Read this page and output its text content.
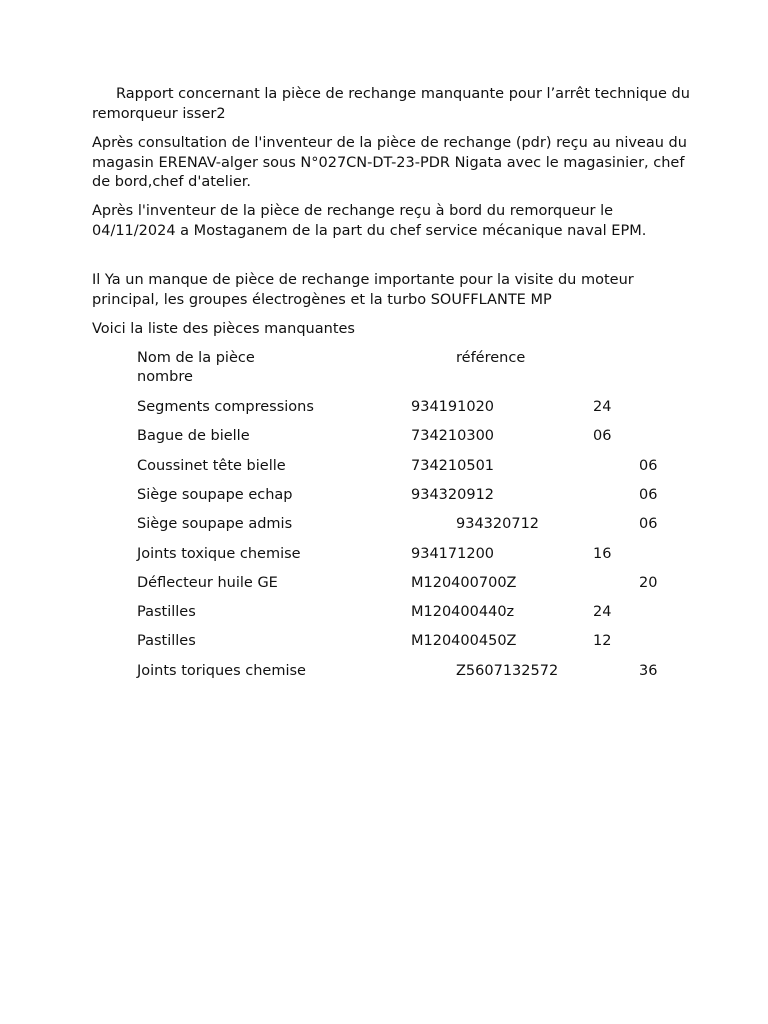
Rapport concernant la pièce de rechange manquante pour l’arrêt technique du remorqueur isser2

Après consultation de l'inventeur de la pièce de rechange (pdr) reçu au niveau du magasin ERENAV-alger sous N°027CN-DT-23-PDR Nigata avec le magasinier, chef de bord,chef d'atelier.

Après l'inventeur de la pièce de rechange reçu à bord du remorqueur le 04/11/2024 a Mostaganem de la part du chef service mécanique naval EPM.

Il Ya un manque de pièce de rechange importante pour la visite du moteur principal, les groupes électrogènes et la turbo SOUFFLANTE MP

Voici la liste des pièces manquantes

Nom de la pièce	référence
nombre
Segments compressions	934191020	24
Bague de bielle	734210300	06
Coussinet tête bielle	734210501	06
Siège soupape echap	934320912	06
Siège soupape admis	934320712	06
Joints toxique chemise	934171200	16
Déflecteur huile GE	M120400700Z	20
Pastilles	M120400440z	24
Pastilles	M120400450Z	12
Joints toriques chemise	Z5607132572	36
